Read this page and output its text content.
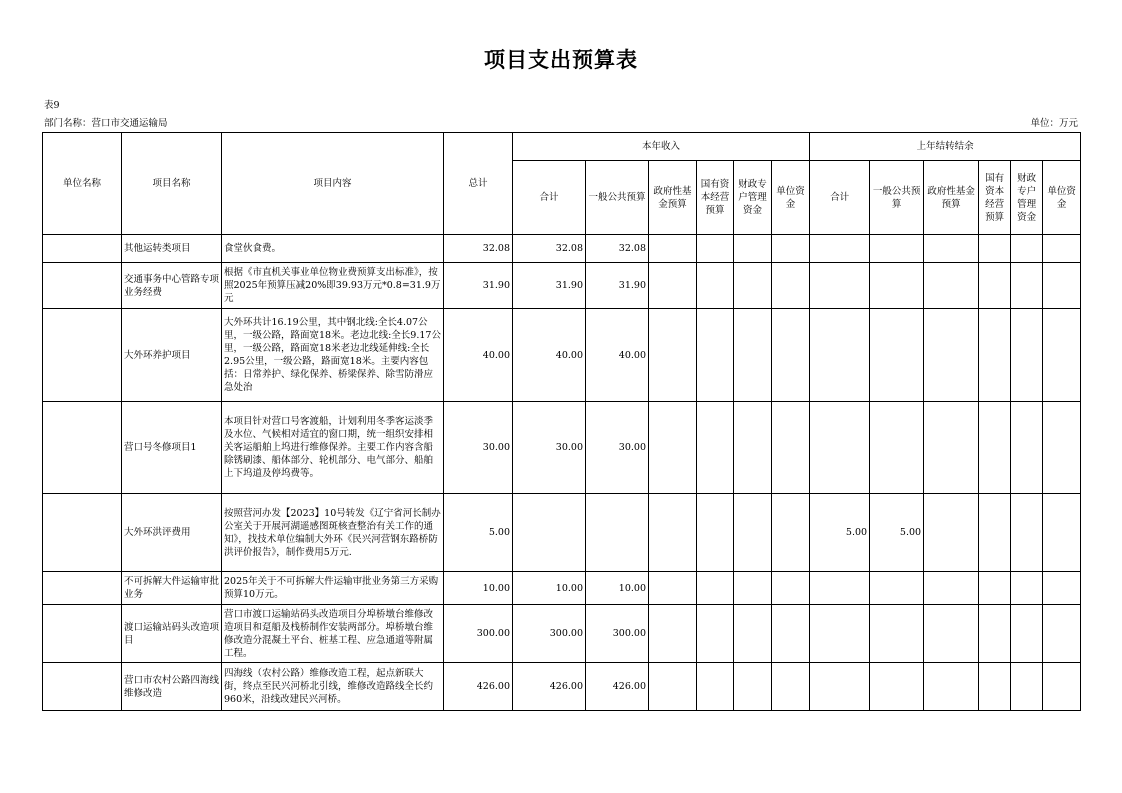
项目支出预算表
表9
部门名称：营口市交通运输局	单位：万元
单位名称	项目名称	项目内容	总计	本年收入						上年结转结余					
				合计	一般公共预算	政府性基金预算	国有资本经营预算	财政专户管理资金	单位资金	合计	一般公共预算	政府性基金预算	国有资本经营预算	财政专户管理资金	单位资金
	其他运转类项目	食堂伙食费。	32.08	32.08	32.08										
	交通事务中心管路专项业务经费	根据《市直机关事业单位物业费预算支出标准》，按照2025年预算压减20%即39.93万元*0.8=31.9万元	31.90	31.90	31.90										
	大外环养护项目	大外环共计16.19公里，其中钢北线:全长4.07公里，一级公路，路面宽18米。老边北线:全长9.17公里，一级公路，路面宽18米老边北线延伸线:全长2.95公里，一级公路，路面宽18米。主要内容包括：日常养护、绿化保养、桥梁保养、除雪防滑应急处治	40.00	40.00	40.00										
	营口号冬修项目1	本项目针对营口号客渡船，计划利用冬季客运淡季及水位、气候相对适宜的窗口期，统一组织安排相关客运船舶上坞进行维修保养。主要工作内容含船除锈刷漆、船体部分、轮机部分、电气部分、船舶上下坞道及停坞费等。	30.00	30.00	30.00										
	大外环洪评费用	按照营河办发【2023】10号转发《辽宁省河长制办公室关于开展河湖遥感图斑核查整治有关工作的通知》，找技术单位编制大外环《民兴河营钢东路桥防洪评价报告》，制作费用5万元.	5.00							5.00	5.00				
	不可拆解大件运输审批业务	2025年关于不可拆解大件运输审批业务第三方采购预算10万元。	10.00	10.00	10.00										
	渡口运输站码头改造项目	营口市渡口运输站码头改造项目分埠桥墩台维修改造项目和趸船及栈桥制作安装两部分。埠桥墩台维修改造分混凝土平台、桩基工程、应急通道等附属工程。	300.00	300.00	300.00										
	营口市农村公路四海线维修改造	四海线（农村公路）维修改造工程，起点新联大街，终点至民兴河桥北引线，维修改造路线全长约960米，沿线改建民兴河桥。	426.00	426.00	426.00										
